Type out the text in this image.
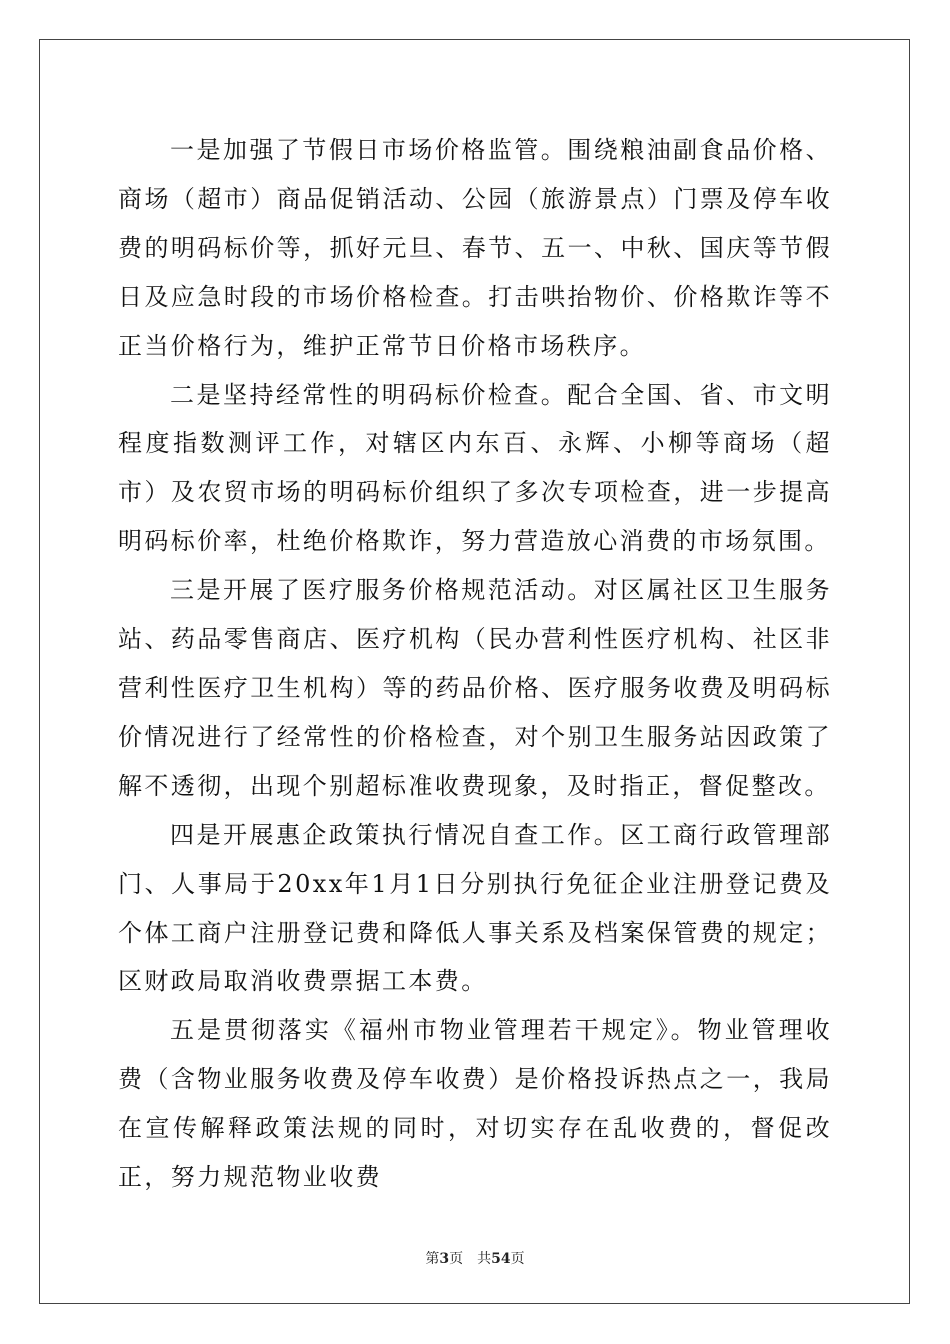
一是加强了节假日市场价格监管。围绕粮油副食品价格、商场（超市）商品促销活动、公园（旅游景点）门票及停车收费的明码标价等，抓好元旦、春节、五一、中秋、国庆等节假日及应急时段的市场价格检查。打击哄抬物价、价格欺诈等不正当价格行为，维护正常节日价格市场秩序。

二是坚持经常性的明码标价检查。配合全国、省、市文明程度指数测评工作，对辖区内东百、永辉、小柳等商场（超市）及农贸市场的明码标价组织了多次专项检查，进一步提高明码标价率，杜绝价格欺诈，努力营造放心消费的市场氛围。

三是开展了医疗服务价格规范活动。对区属社区卫生服务站、药品零售商店、医疗机构（民办营利性医疗机构、社区非营利性医疗卫生机构）等的药品价格、医疗服务收费及明码标价情况进行了经常性的价格检查，对个别卫生服务站因政策了解不透彻，出现个别超标准收费现象，及时指正，督促整改。

四是开展惠企政策执行情况自查工作。区工商行政管理部门、人事局于20xx年1月1日分别执行免征企业注册登记费及个体工商户注册登记费和降低人事关系及档案保管费的规定；区财政局取消收费票据工本费。

五是贯彻落实《福州市物业管理若干规定》。物业管理收费（含物业服务收费及停车收费）是价格投诉热点之一，我局在宣传解释政策法规的同时，对切实存在乱收费的，督促改正，努力规范物业收费

第3页 共54页
